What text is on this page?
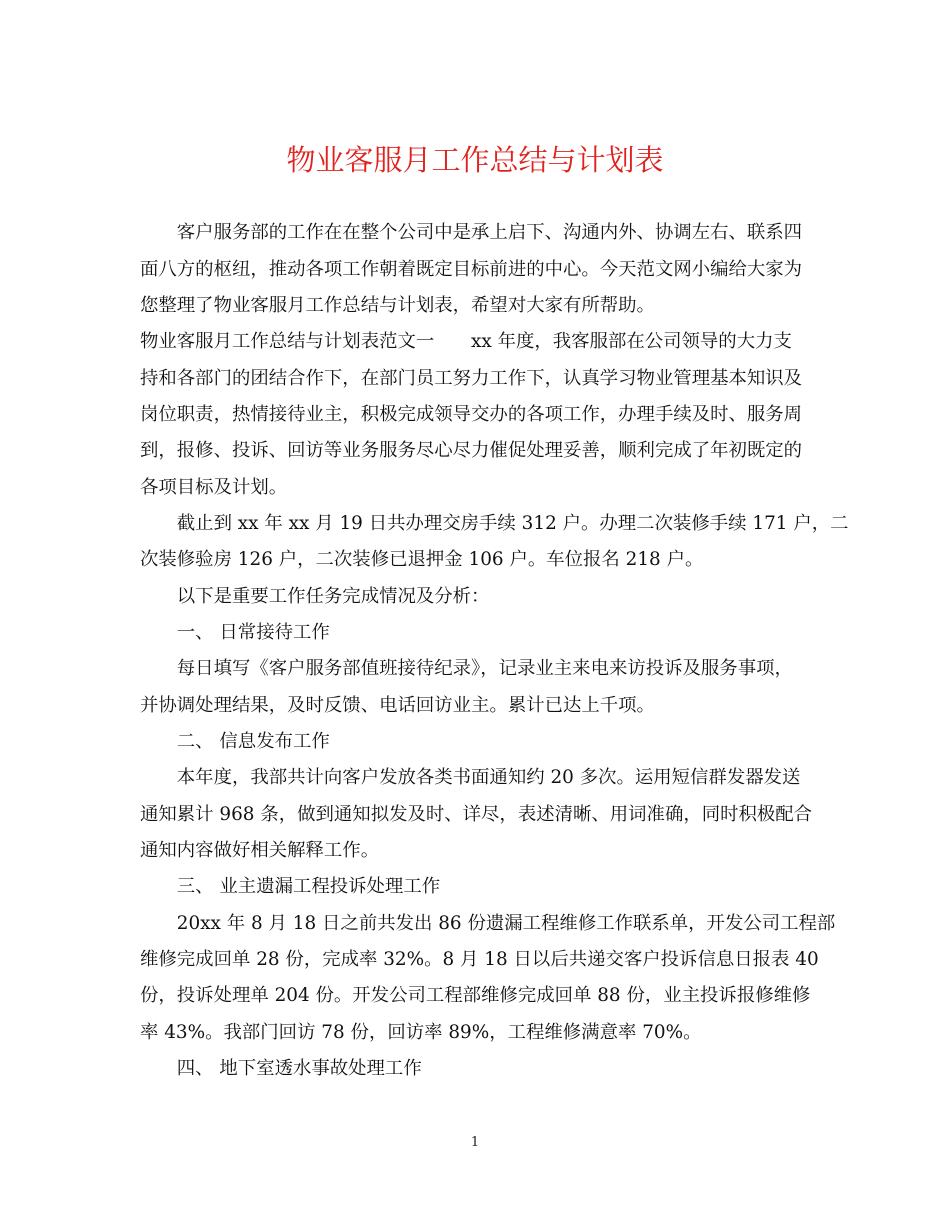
物业客服月工作总结与计划表
　　客户服务部的工作在在整个公司中是承上启下、沟通内外、协调左右、联系四
面八方的枢纽，推动各项工作朝着既定目标前进的中心。今天范文网小编给大家为
您整理了物业客服月工作总结与计划表，希望对大家有所帮助。
物业客服月工作总结与计划表范文一　　xx 年度，我客服部在公司领导的大力支
持和各部门的团结合作下，在部门员工努力工作下，认真学习物业管理基本知识及
岗位职责，热情接待业主，积极完成领导交办的各项工作，办理手续及时、服务周
到，报修、投诉、回访等业务服务尽心尽力催促处理妥善，顺利完成了年初既定的
各项目标及计划。
　　截止到 xx 年 xx 月 19 日共办理交房手续 312 户。办理二次装修手续 171 户，二
次装修验房 126 户，二次装修已退押金 106 户。车位报名 218 户。
　　以下是重要工作任务完成情况及分析：
　　一、 日常接待工作
　　每日填写《客户服务部值班接待纪录》，记录业主来电来访投诉及服务事项，
并协调处理结果，及时反馈、电话回访业主。累计已达上千项。
　　二、 信息发布工作
　　本年度，我部共计向客户发放各类书面通知约 20 多次。运用短信群发器发送
通知累计 968 条，做到通知拟发及时、详尽，表述清晰、用词准确，同时积极配合
通知内容做好相关解释工作。
　　三、 业主遗漏工程投诉处理工作
　　20xx 年 8 月 18 日之前共发出 86 份遗漏工程维修工作联系单，开发公司工程部
维修完成回单 28 份，完成率 32%。8 月 18 日以后共递交客户投诉信息日报表 40
份，投诉处理单 204 份。开发公司工程部维修完成回单 88 份，业主投诉报修维修
率 43%。我部门回访 78 份，回访率 89%，工程维修满意率 70%。
　　四、 地下室透水事故处理工作
1
